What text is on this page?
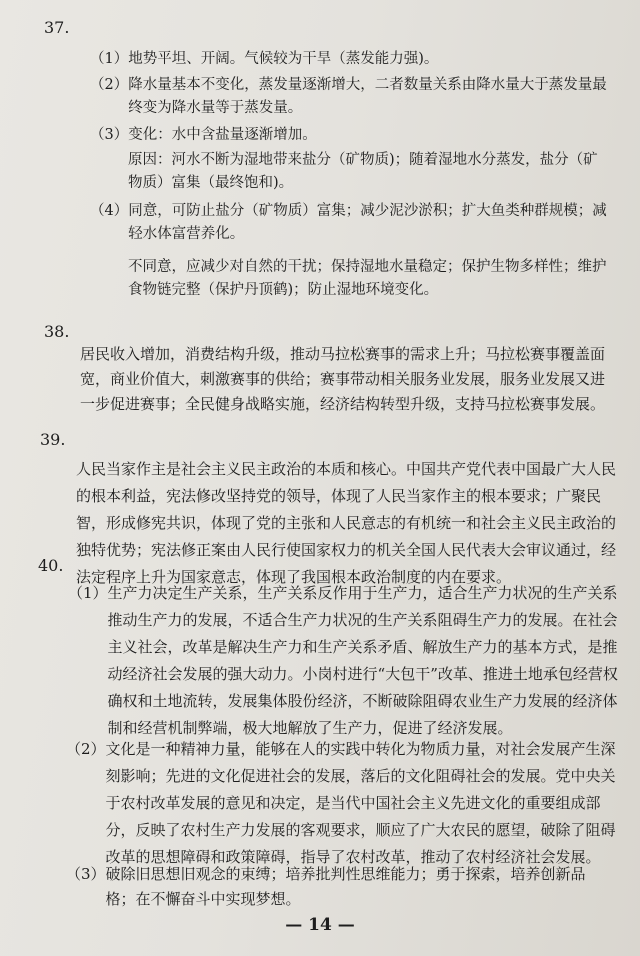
37.
（1） 地势平坦、开阔。气候较为干旱（蒸发能力强)。
（2） 降水量基本不变化，蒸发量逐渐增大，二者数量关系由降水量大于蒸发量最终变为降水量等于蒸发量。
（3） 变化：水中含盐量逐渐增加。
原因：河水不断为湿地带来盐分（矿物质)；随着湿地水分蒸发，盐分（矿物质）富集（最终饱和)。
（4） 同意，可防止盐分（矿物质）富集；减少泥沙淤积；扩大鱼类种群规模；减轻水体富营养化。
不同意，应减少对自然的干扰；保持湿地水量稳定；保护生物多样性；维护食物链完整（保护丹顶鹤)；防止湿地环境变化。
38.
居民收入增加，消费结构升级，推动马拉松赛事的需求上升；马拉松赛事覆盖面宽，商业价值大，刺激赛事的供给；赛事带动相关服务业发展，服务业发展又进一步促进赛事；全民健身战略实施，经济结构转型升级，支持马拉松赛事发展。
39.
人民当家作主是社会主义民主政治的本质和核心。中国共产党代表中国最广大人民的根本利益，宪法修改坚持党的领导，体现了人民当家作主的根本要求；广聚民智，形成修宪共识，体现了党的主张和人民意志的有机统一和社会主义民主政治的独特优势；宪法修正案由人民行使国家权力的机关全国人民代表大会审议通过，经法定程序上升为国家意志，体现了我国根本政治制度的内在要求。
40.
（1） 生产力决定生产关系，生产关系反作用于生产力，适合生产力状况的生产关系推动生产力的发展，不适合生产力状况的生产关系阻碍生产力的发展。在社会主义社会，改革是解决生产力和生产关系矛盾、解放生产力的基本方式，是推动经济社会发展的强大动力。小岗村进行“大包干”改革、推进土地承包经营权确权和土地流转，发展集体股份经济，不断破除阻碍农业生产力发展的经济体制和经营机制弊端，极大地解放了生产力，促进了经济发展。
（2） 文化是一种精神力量，能够在人的实践中转化为物质力量，对社会发展产生深刻影响；先进的文化促进社会的发展，落后的文化阻碍社会的发展。党中央关于农村改革发展的意见和决定，是当代中国社会主义先进文化的重要组成部分，反映了农村生产力发展的客观要求，顺应了广大农民的愿望，破除了阻碍改革的思想障碍和政策障碍，指导了农村改革，推动了农村经济社会发展。
（3） 破除旧思想旧观念的束缚；培养批判性思维能力；勇于探索，培养创新品格；在不懈奋斗中实现梦想。
— 14 —
